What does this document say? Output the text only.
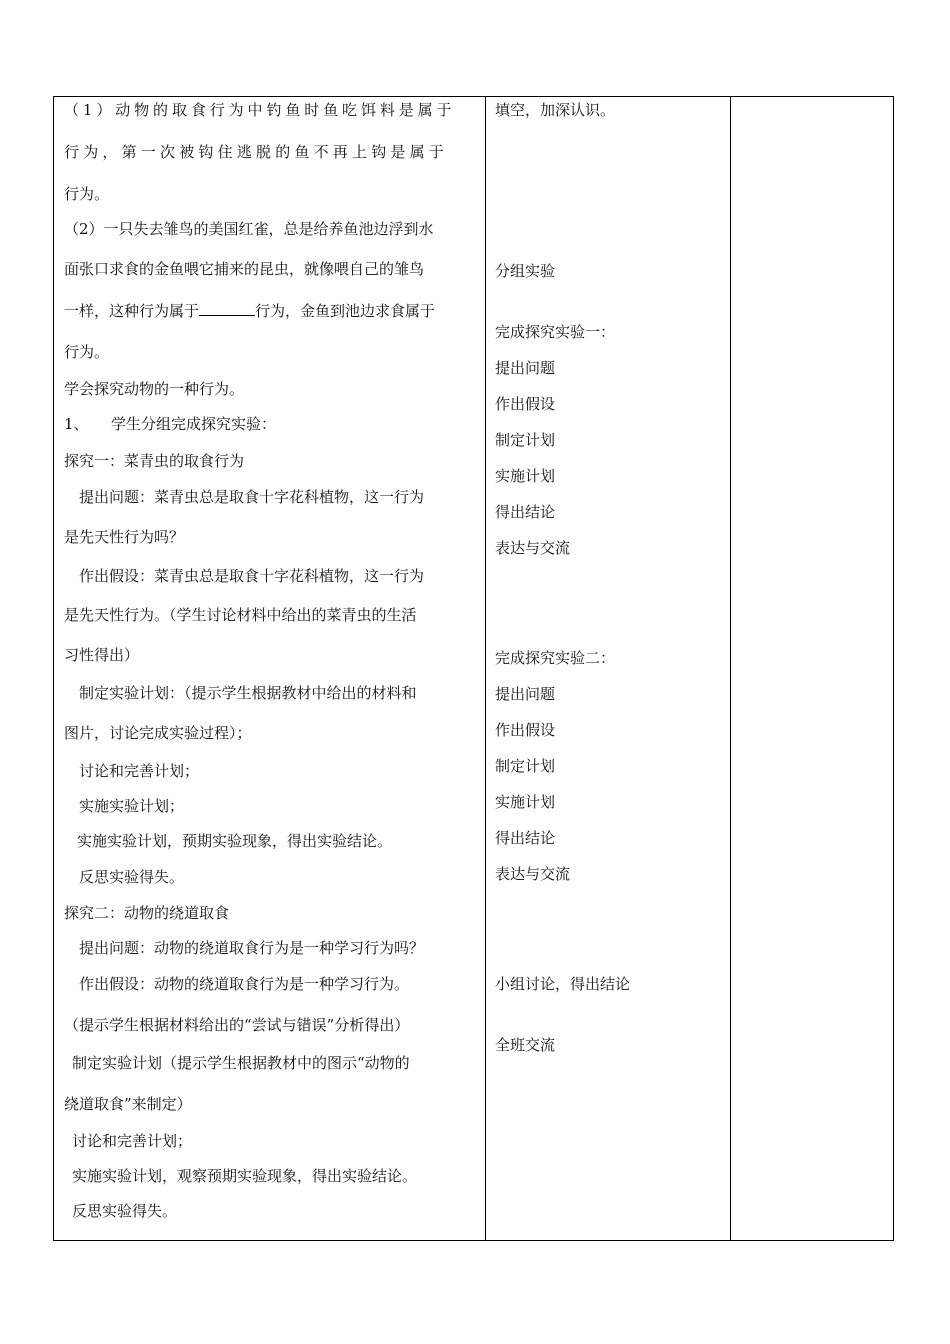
（1）动物的取食行为中钓鱼时鱼吃饵料是属于
行为，第一次被钩住逃脱的鱼不再上钩是属于
行为。
（2）一只失去雏鸟的美国红雀，总是给养鱼池边浮到水
面张口求食的金鱼喂它捕来的昆虫，就像喂自己的雏鸟
一样，这种行为属于	行为，金鱼到池边求食属于
行为。
学会探究动物的一种行为。
1、　　学生分组完成探究实验：
探究一：菜青虫的取食行为
提出问题：菜青虫总是取食十字花科植物，这一行为
是先天性行为吗？
作出假设：菜青虫总是取食十字花科植物，这一行为
是先天性行为。（学生讨论材料中给出的菜青虫的生活
习性得出）
制定实验计划：（提示学生根据教材中给出的材料和
图片，讨论完成实验过程）；
讨论和完善计划；
实施实验计划；
实施实验计划，预期实验现象，得出实验结论。
反思实验得失。
探究二：动物的绕道取食
提出问题：动物的绕道取食行为是一种学习行为吗？
作出假设：动物的绕道取食行为是一种学习行为。
（提示学生根据材料给出的“尝试与错误”分析得出）
制定实验计划（提示学生根据教材中的图示“动物的
绕道取食”来制定）
讨论和完善计划；
实施实验计划，观察预期实验现象，得出实验结论。
反思实验得失。
填空，加深认识。
分组实验
完成探究实验一：
提出问题
作出假设
制定计划
实施计划
得出结论
表达与交流
完成探究实验二：
提出问题
作出假设
制定计划
实施计划
得出结论
表达与交流
小组讨论，得出结论
全班交流
